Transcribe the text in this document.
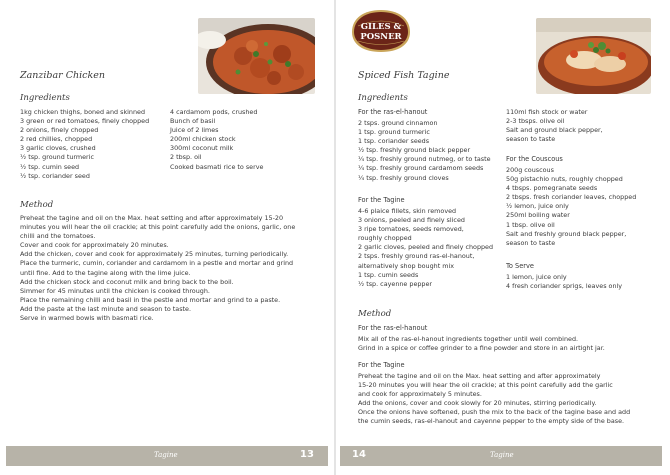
Zanzibar Chicken
Ingredients
1kg chicken thighs, boned and skinned
3 green or red tomatoes, finely chopped
2 onions, finely chopped
2 red chillies, chopped
3 garlic cloves, crushed
½ tsp. ground turmeric
½ tsp. cumin seed
½ tsp. coriander seed
4 cardamom pods, crushed
Bunch of basil
Juice of 2 limes
200ml chicken stock
300ml coconut milk
2 tbsp. oil
Cooked basmati rice to serve
Method
Preheat the tagine and oil on the Max. heat setting and after approximately 15-20
minutes you will hear the oil crackle; at this point carefully add the onions, garlic, one
chilli and the tomatoes.
Cover and cook for approximately 20 minutes.
Add the chicken, cover and cook for approximately 25 minutes, turning periodically.
Place the turmeric, cumin, coriander and cardamom in a pestle and mortar and grind
until fine. Add to the tagine along with the lime juice.
Add the chicken stock and coconut milk and bring back to the boil.
Simmer for 45 minutes until the chicken is cooked through.
Place the remaining chilli and basil in the pestle and mortar and grind to a paste.
Add the paste at the last minute and season to taste.
Serve in warmed bowls with basmati rice.
Tagine	13
GILES &
POSNER
Spiced Fish Tagine
Ingredients
For the ras-el-hanout
2 tsps. ground cinnamon
1 tsp. ground turmeric
1 tsp. coriander seeds
½ tsp. freshly ground black pepper
¼ tsp. freshly ground nutmeg, or to taste
¼ tsp. freshly ground cardamom seeds
¼ tsp. freshly ground cloves
For the Tagine
4-6 plaice fillets, skin removed
3 onions, peeled and finely sliced
3 ripe tomatoes, seeds removed,
roughly chopped
2 garlic cloves, peeled and finely chopped
2 tsps. freshly ground ras-el-hanout,
alternatively shop bought mix
1 tsp. cumin seeds
½ tsp. cayenne pepper
110ml fish stock or water
2-3 tbsps. olive oil
Salt and ground black pepper,
season to taste
For the Couscous
200g couscous
50g pistachio nuts, roughly chopped
4 tbsps. pomegranate seeds
2 tbsps. fresh coriander leaves, chopped
½ lemon, juice only
250ml boiling water
1 tbsp. olive oil
Salt and freshly ground black pepper,
season to taste
To Serve
1 lemon, juice only
4 fresh coriander sprigs, leaves only
Method
For the ras-el-hanout
Mix all of the ras-el-hanout ingredients together until well combined.
Grind in a spice or coffee grinder to a fine powder and store in an airtight jar.
For the Tagine
Preheat the tagine and oil on the Max. heat setting and after approximately
15-20 minutes you will hear the oil crackle; at this point carefully add the garlic
and cook for approximately 5 minutes.
Add the onions, cover and cook slowly for 20 minutes, stirring periodically.
Once the onions have softened, push the mix to the back of the tagine base and add
the cumin seeds, ras-el-hanout and cayenne pepper to the empty side of the base.
14	Tagine
